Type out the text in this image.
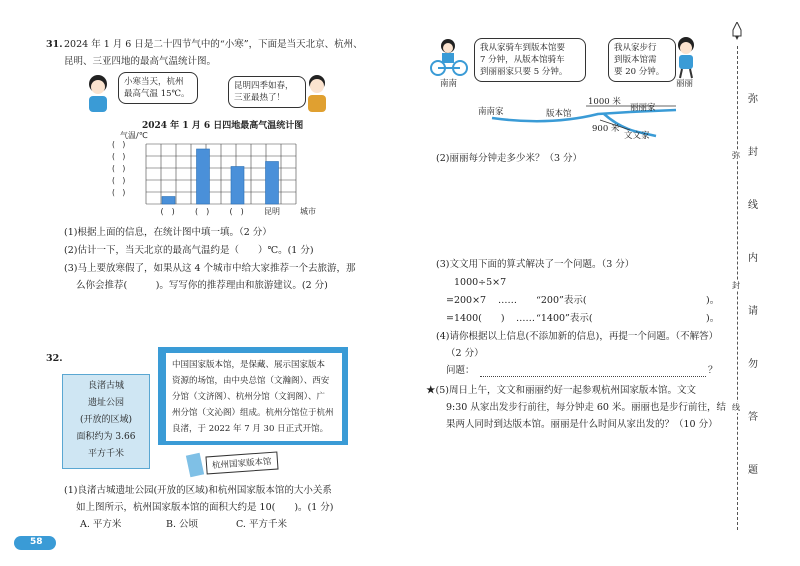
31. 2024 年 1 月 6 日是二十四节气中的“小寒”，下面是当天北京、杭州、
昆明、三亚四地的最高气温统计图。
小寒当天，杭州
最高气温 15℃。
昆明四季如春，
三亚最热了！
2024 年 1 月 6 日四地最高气温统计图
气温/℃
(　)
(　)
(　)
(　)
(　)
(　)	(　)	(　)	昆明	城市
(1)根据上面的信息，在统计图中填一填。（2 分）
(2)估计一下，当天北京的最高气温约是（　　）℃。(1 分)
(3)马上要放寒假了，如果从这 4 个城市中给大家推荐一个去旅游，那
么你会推荐(　　　)。写写你的推荐理由和旅游建议。(2 分)
32.
良渚古城
遗址公园
(开放的区域)
面积约为 3.66
平方千米
中国国家版本馆，是保藏、展示国家版本
资源的场馆，由中央总馆（文瀚阁）、西安
分馆（文济阁）、杭州分馆（文润阁）、广
州分馆（文沁阁）组成。杭州分馆位于杭州
良渚，于 2022 年 7 月 30 日正式开馆。
杭州国家版本馆
(1)良渚古城遗址公园(开放的区域)和杭州国家版本馆的大小关系
如上图所示，杭州国家版本馆的面积大约是 10(　　)。(1 分)
A. 平方米	B. 公顷	C. 平方千米
58
南南
我从家骑车到版本馆要
7 分钟，从版本馆骑车
到丽丽家只要 5 分钟。
我从家步行
到版本馆需
要 20 分钟。
丽丽
南南家	版本馆
1000 米
丽丽家
900 米
文文家
(2)丽丽每分钟走多少米？（3 分）
(3)文文用下面的算式解决了一个问题。（3 分）
1000÷5×7
=200×7 …… “200”表示(	)。
=1400(　　) …… “1400”表示(	)。
(4)请你根据以上信息(不添加新的信息)，再提一个问题。（不解答）
（2 分）
问题：	？
★(5)周日上午，文文和丽丽约好一起参观杭州国家版本馆。文文
9:30 从家出发步行前往，每分钟走 60 米。丽丽也是步行前往，结
果两人同时到达版本馆。丽丽是什么时间从家出发的？（10 分）
弥
封
线
弥
封
线
内
请
勿
答
题
